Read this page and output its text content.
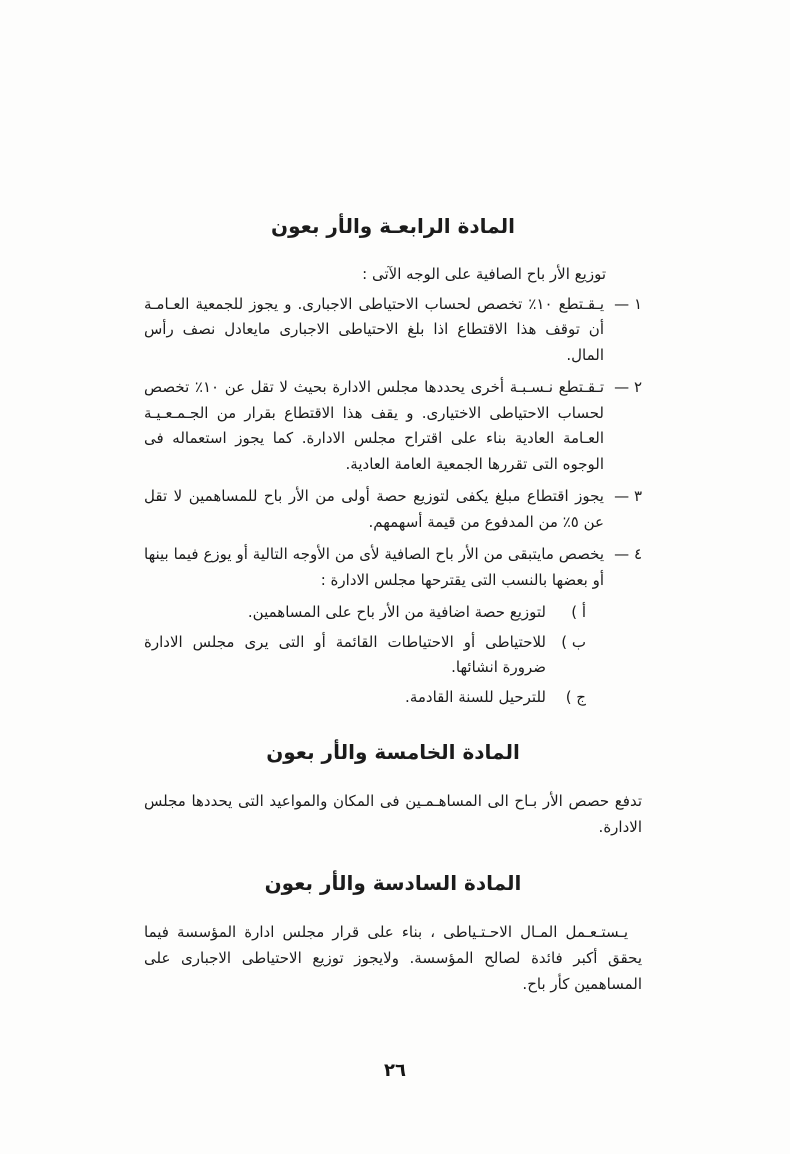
المادة الرابعـة والأر بعون

توزيع الأر باح الصافية على الوجه الآتى :

١ —
يـقـتطع ١٠٪ تخصص لحساب الاحتياطى الاجبارى. و يجوز للجمعية العـامـة أن توقف هذا الاقتطاع اذا بلغ الاحتياطى الاجبارى مايعادل نصف رأس المال.
٢ —
تـقـتطع نـسـبـة أخرى يحددها مجلس الادارة بحيث لا تقل عن ١٠٪ تخصص لحساب الاحتياطى الاختيارى. و يقف هذا الاقتطاع بقرار من الجـمـعـيـة العـامة العادية بناء على اقتراح مجلس الادارة. كما يجوز استعماله فى الوجوه التى تقررها الجمعية العامة العادية.
٣ —
يجوز اقتطاع مبلغ يكفى لتوزيع حصة أولى من الأر باح للمساهمين لا تقل عن ٥٪ من المدفوع من قيمة أسهمهم.
٤ —
يخصص مايتبقى من الأر باح الصافية لأى من الأوجه التالية أو يوزع فيما بينها أو بعضها بالنسب التى يقترحها مجلس الادارة :
أ )
لتوزيع حصة اضافية من الأر باح على المساهمين.
ب )
للاحتياطى أو الاحتياطات القائمة أو التى يرى مجلس الادارة ضرورة انشائها.
ج )
للترحيل للسنة القادمة.
المادة الخامسة والأر بعون

تدفع حصص الأر بـاح الى المساهـمـين فى المكان والمواعيد التى يحددها مجلس الادارة.

المادة السادسة والأر بعون

يـستـعـمل المـال الاحـتـياطى ، بناء على قرار مجلس ادارة المؤسسة فيما يحقق أكبر فائدة لصالح المؤسسة. ولايجوز توزيع الاحتياطى الاجبارى على المساهمين كأر باح.

٢٦
